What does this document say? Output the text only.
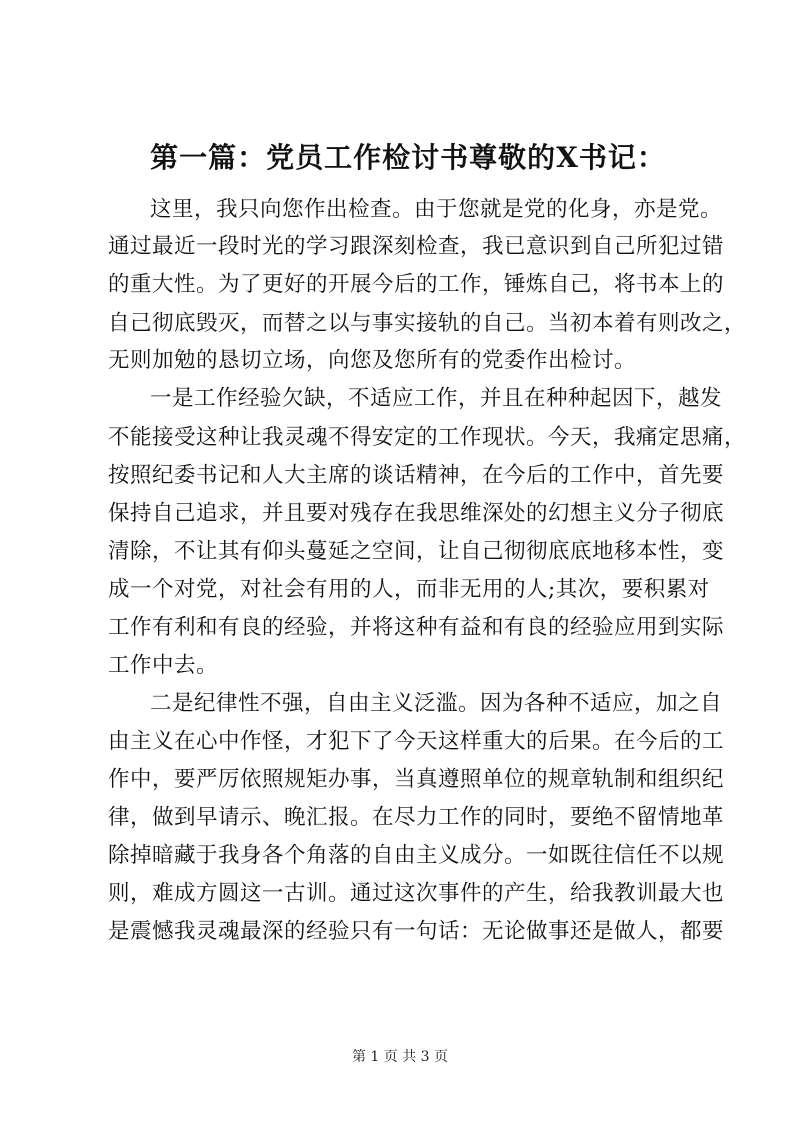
第一篇：党员工作检讨书尊敬的X书记：
这里，我只向您作出检查。由于您就是党的化身，亦是党。
通过最近一段时光的学习跟深刻检查，我已意识到自己所犯过错
的重大性。为了更好的开展今后的工作，锤炼自己，将书本上的
自己彻底毁灭，而替之以与事实接轨的自己。当初本着有则改之，
无则加勉的恳切立场，向您及您所有的党委作出检讨。
一是工作经验欠缺，不适应工作，并且在种种起因下，越发
不能接受这种让我灵魂不得安定的工作现状。今天，我痛定思痛，
按照纪委书记和人大主席的谈话精神，在今后的工作中，首先要
保持自己追求，并且要对残存在我思维深处的幻想主义分子彻底
清除，不让其有仰头蔓延之空间，让自己彻彻底底地移本性，变
成一个对党，对社会有用的人，而非无用的人;其次，要积累对
工作有利和有良的经验，并将这种有益和有良的经验应用到实际
工作中去。
二是纪律性不强，自由主义泛滥。因为各种不适应，加之自
由主义在心中作怪，才犯下了今天这样重大的后果。在今后的工
作中，要严厉依照规矩办事，当真遵照单位的规章轨制和组织纪
律，做到早请示、晚汇报。在尽力工作的同时，要绝不留情地革
除掉暗藏于我身各个角落的自由主义成分。一如既往信任不以规
则，难成方圆这一古训。通过这次事件的产生，给我教训最大也
是震憾我灵魂最深的经验只有一句话：无论做事还是做人，都要
第 1 页 共 3 页
